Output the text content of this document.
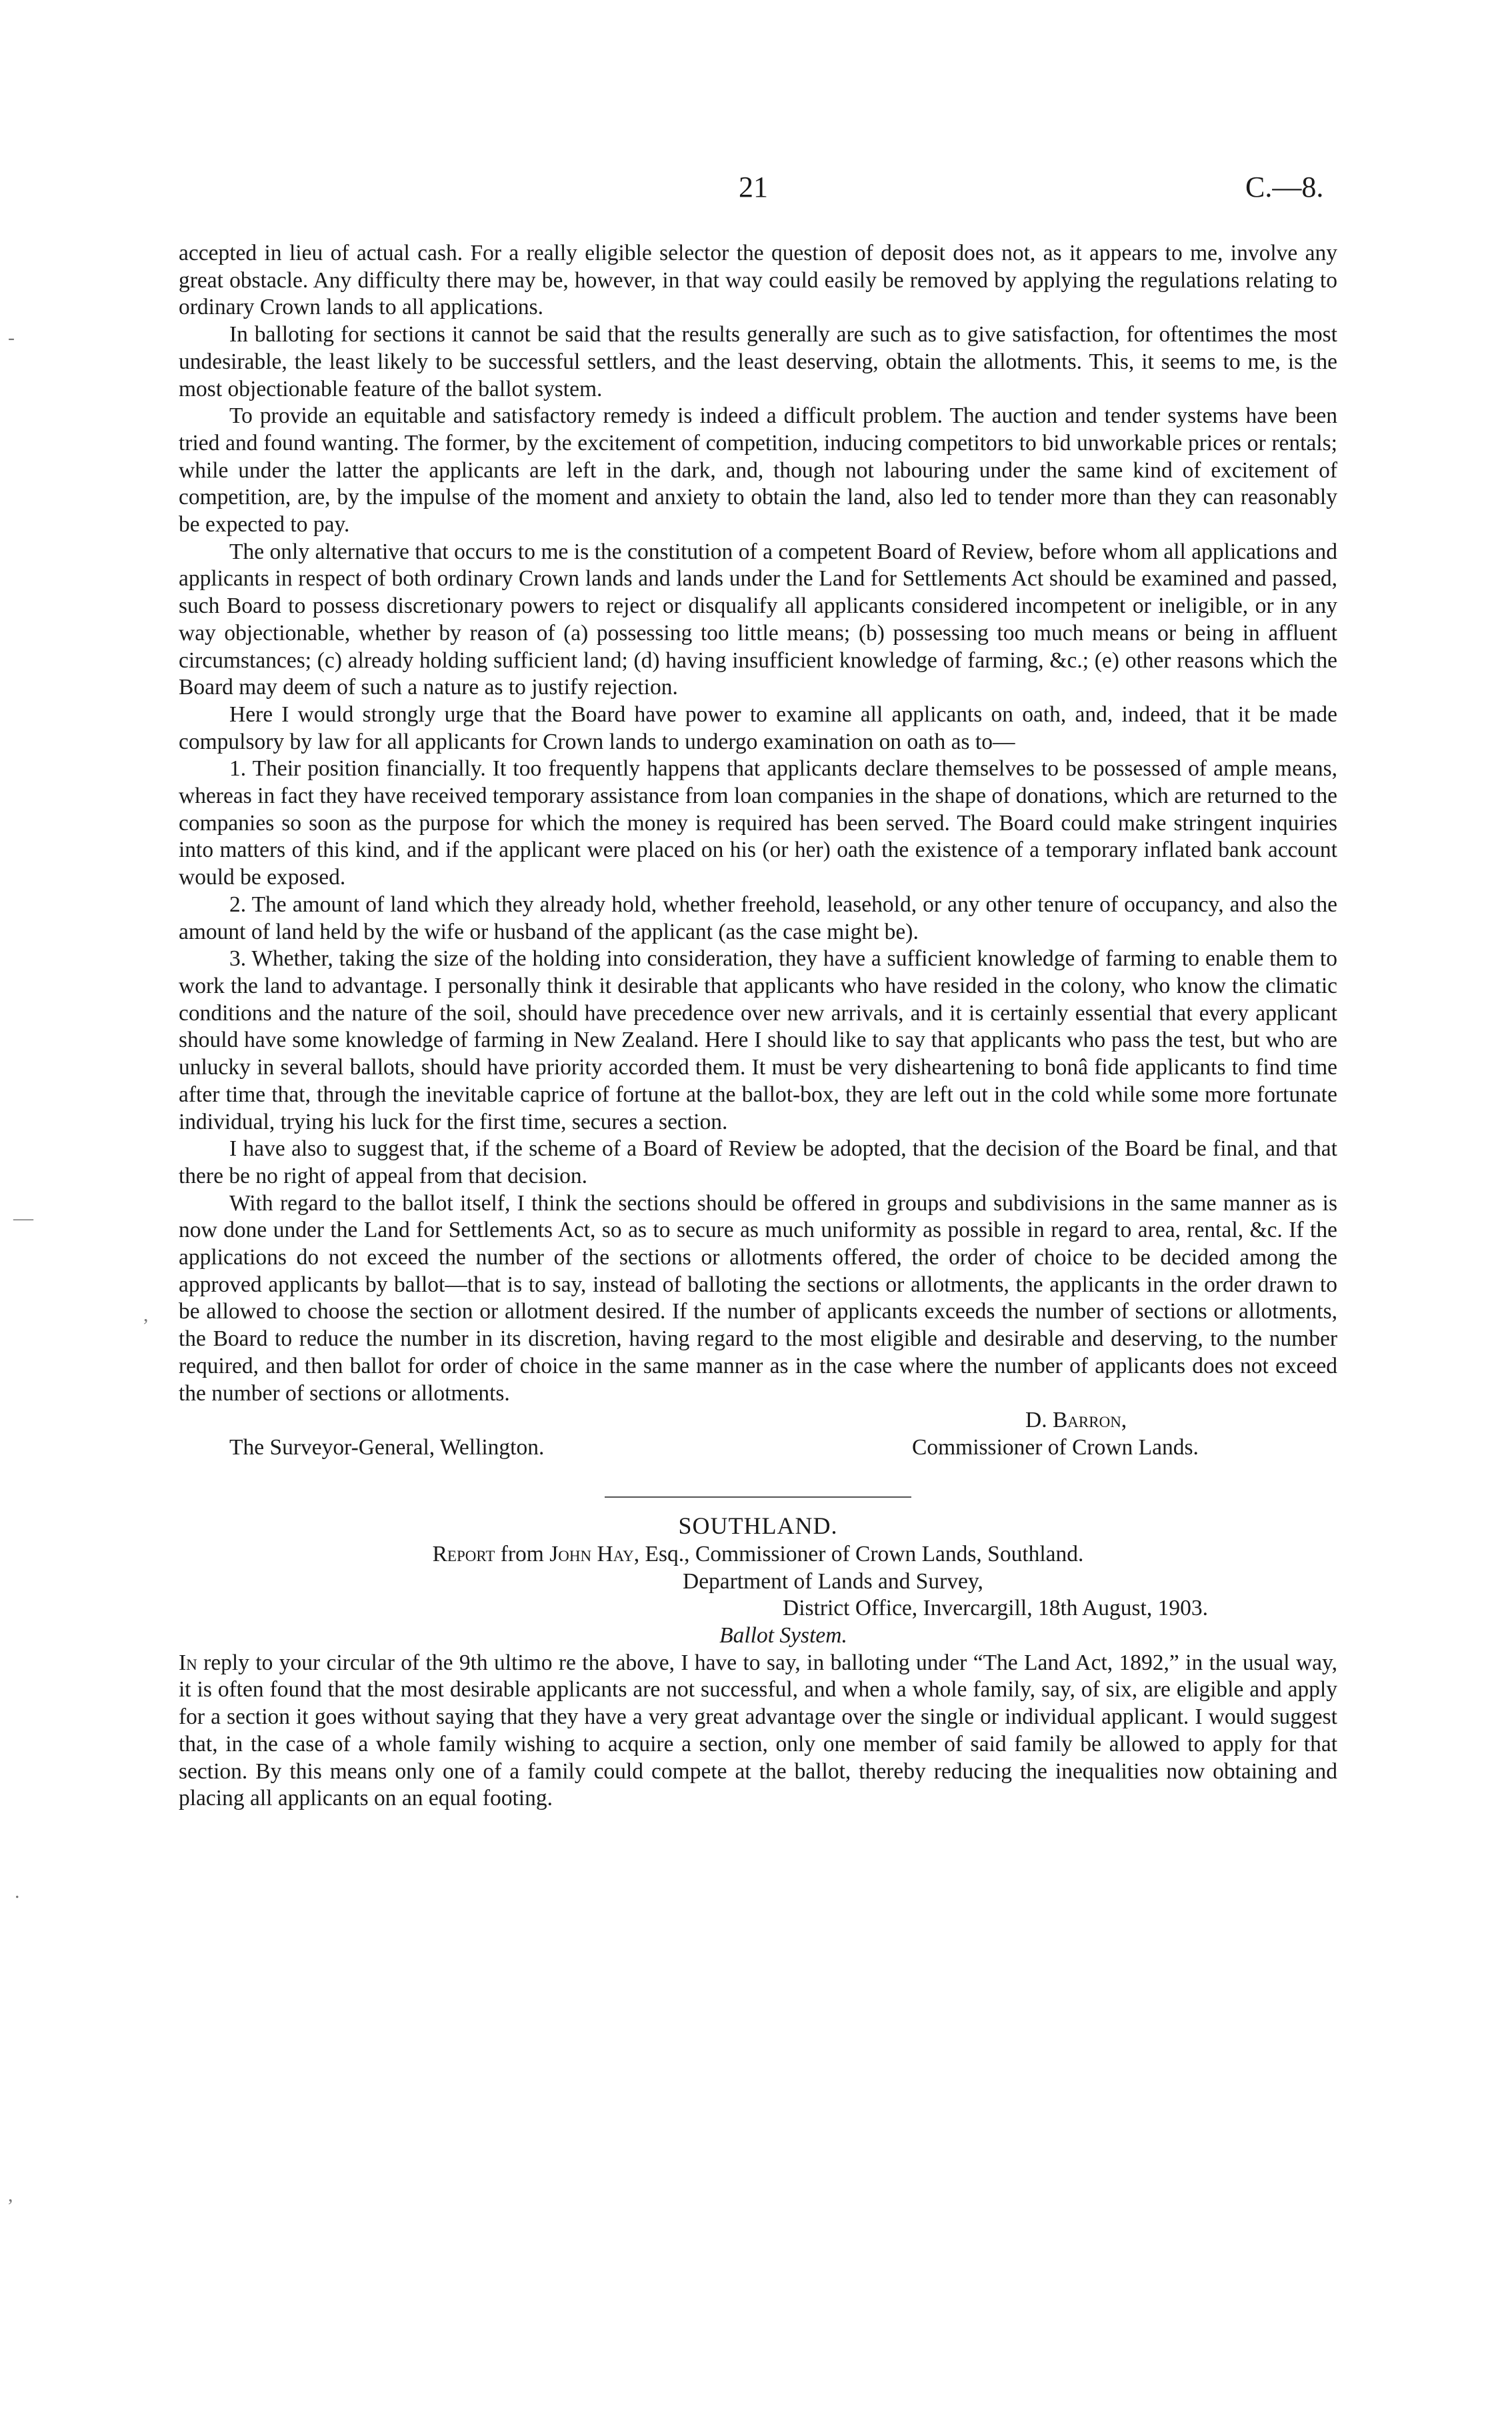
21	C.—8.

accepted in lieu of actual cash. For a really eligible selector the question of deposit does not, as it appears to me, involve any great obstacle. Any difficulty there may be, however, in that way could easily be removed by applying the regulations relating to ordinary Crown lands to all applications.

In balloting for sections it cannot be said that the results generally are such as to give satisfaction, for oftentimes the most undesirable, the least likely to be successful settlers, and the least deserving, obtain the allotments. This, it seems to me, is the most objectionable feature of the ballot system.

To provide an equitable and satisfactory remedy is indeed a difficult problem. The auction and tender systems have been tried and found wanting. The former, by the excitement of competition, inducing competitors to bid unworkable prices or rentals; while under the latter the applicants are left in the dark, and, though not labouring under the same kind of excitement of competition, are, by the impulse of the moment and anxiety to obtain the land, also led to tender more than they can reasonably be expected to pay.

The only alternative that occurs to me is the constitution of a competent Board of Review, before whom all applications and applicants in respect of both ordinary Crown lands and lands under the Land for Settlements Act should be examined and passed, such Board to possess discretionary powers to reject or disqualify all applicants considered incompetent or ineligible, or in any way objectionable, whether by reason of (a) possessing too little means; (b) possessing too much means or being in affluent circumstances; (c) already holding sufficient land; (d) having insufficient knowledge of farming, &c.; (e) other reasons which the Board may deem of such a nature as to justify rejection.

Here I would strongly urge that the Board have power to examine all applicants on oath, and, indeed, that it be made compulsory by law for all applicants for Crown lands to undergo examination on oath as to—

1. Their position financially. It too frequently happens that applicants declare themselves to be possessed of ample means, whereas in fact they have received temporary assistance from loan companies in the shape of donations, which are returned to the companies so soon as the purpose for which the money is required has been served. The Board could make stringent inquiries into matters of this kind, and if the applicant were placed on his (or her) oath the existence of a temporary inflated bank account would be exposed.

2. The amount of land which they already hold, whether freehold, leasehold, or any other tenure of occupancy, and also the amount of land held by the wife or husband of the applicant (as the case might be).

3. Whether, taking the size of the holding into consideration, they have a sufficient knowledge of farming to enable them to work the land to advantage. I personally think it desirable that applicants who have resided in the colony, who know the climatic conditions and the nature of the soil, should have precedence over new arrivals, and it is certainly essential that every applicant should have some knowledge of farming in New Zealand. Here I should like to say that applicants who pass the test, but who are unlucky in several ballots, should have priority accorded them. It must be very disheartening to bonâ fide applicants to find time after time that, through the inevitable caprice of fortune at the ballot-box, they are left out in the cold while some more fortunate individual, trying his luck for the first time, secures a section.

I have also to suggest that, if the scheme of a Board of Review be adopted, that the decision of the Board be final, and that there be no right of appeal from that decision.

With regard to the ballot itself, I think the sections should be offered in groups and subdivisions in the same manner as is now done under the Land for Settlements Act, so as to secure as much uniformity as possible in regard to area, rental, &c. If the applications do not exceed the number of the sections or allotments offered, the order of choice to be decided among the approved applicants by ballot—that is to say, instead of balloting the sections or allotments, the applicants in the order drawn to be allowed to choose the section or allotment desired. If the number of applicants exceeds the number of sections or allotments, the Board to reduce the number in its discretion, having regard to the most eligible and desirable and deserving, to the number required, and then ballot for order of choice in the same manner as in the case where the number of applicants does not exceed the number of sections or allotments.

D. Barron,
The Surveyor-General, Wellington.	Commissioner of Crown Lands.
SOUTHLAND.

Report from John Hay, Esq., Commissioner of Crown Lands, Southland.

Department of Lands and Survey,

District Office, Invercargill, 18th August, 1903.

Ballot System.

In reply to your circular of the 9th ultimo re the above, I have to say, in balloting under “The Land Act, 1892,” in the usual way, it is often found that the most desirable applicants are not successful, and when a whole family, say, of six, are eligible and apply for a section it goes without saying that they have a very great advantage over the single or individual applicant. I would suggest that, in the case of a whole family wishing to acquire a section, only one member of said family be allowed to apply for that section. By this means only one of a family could compete at the ballot, thereby reducing the inequalities now obtaining and placing all applicants on an equal footing.

-
—
,
.
,
